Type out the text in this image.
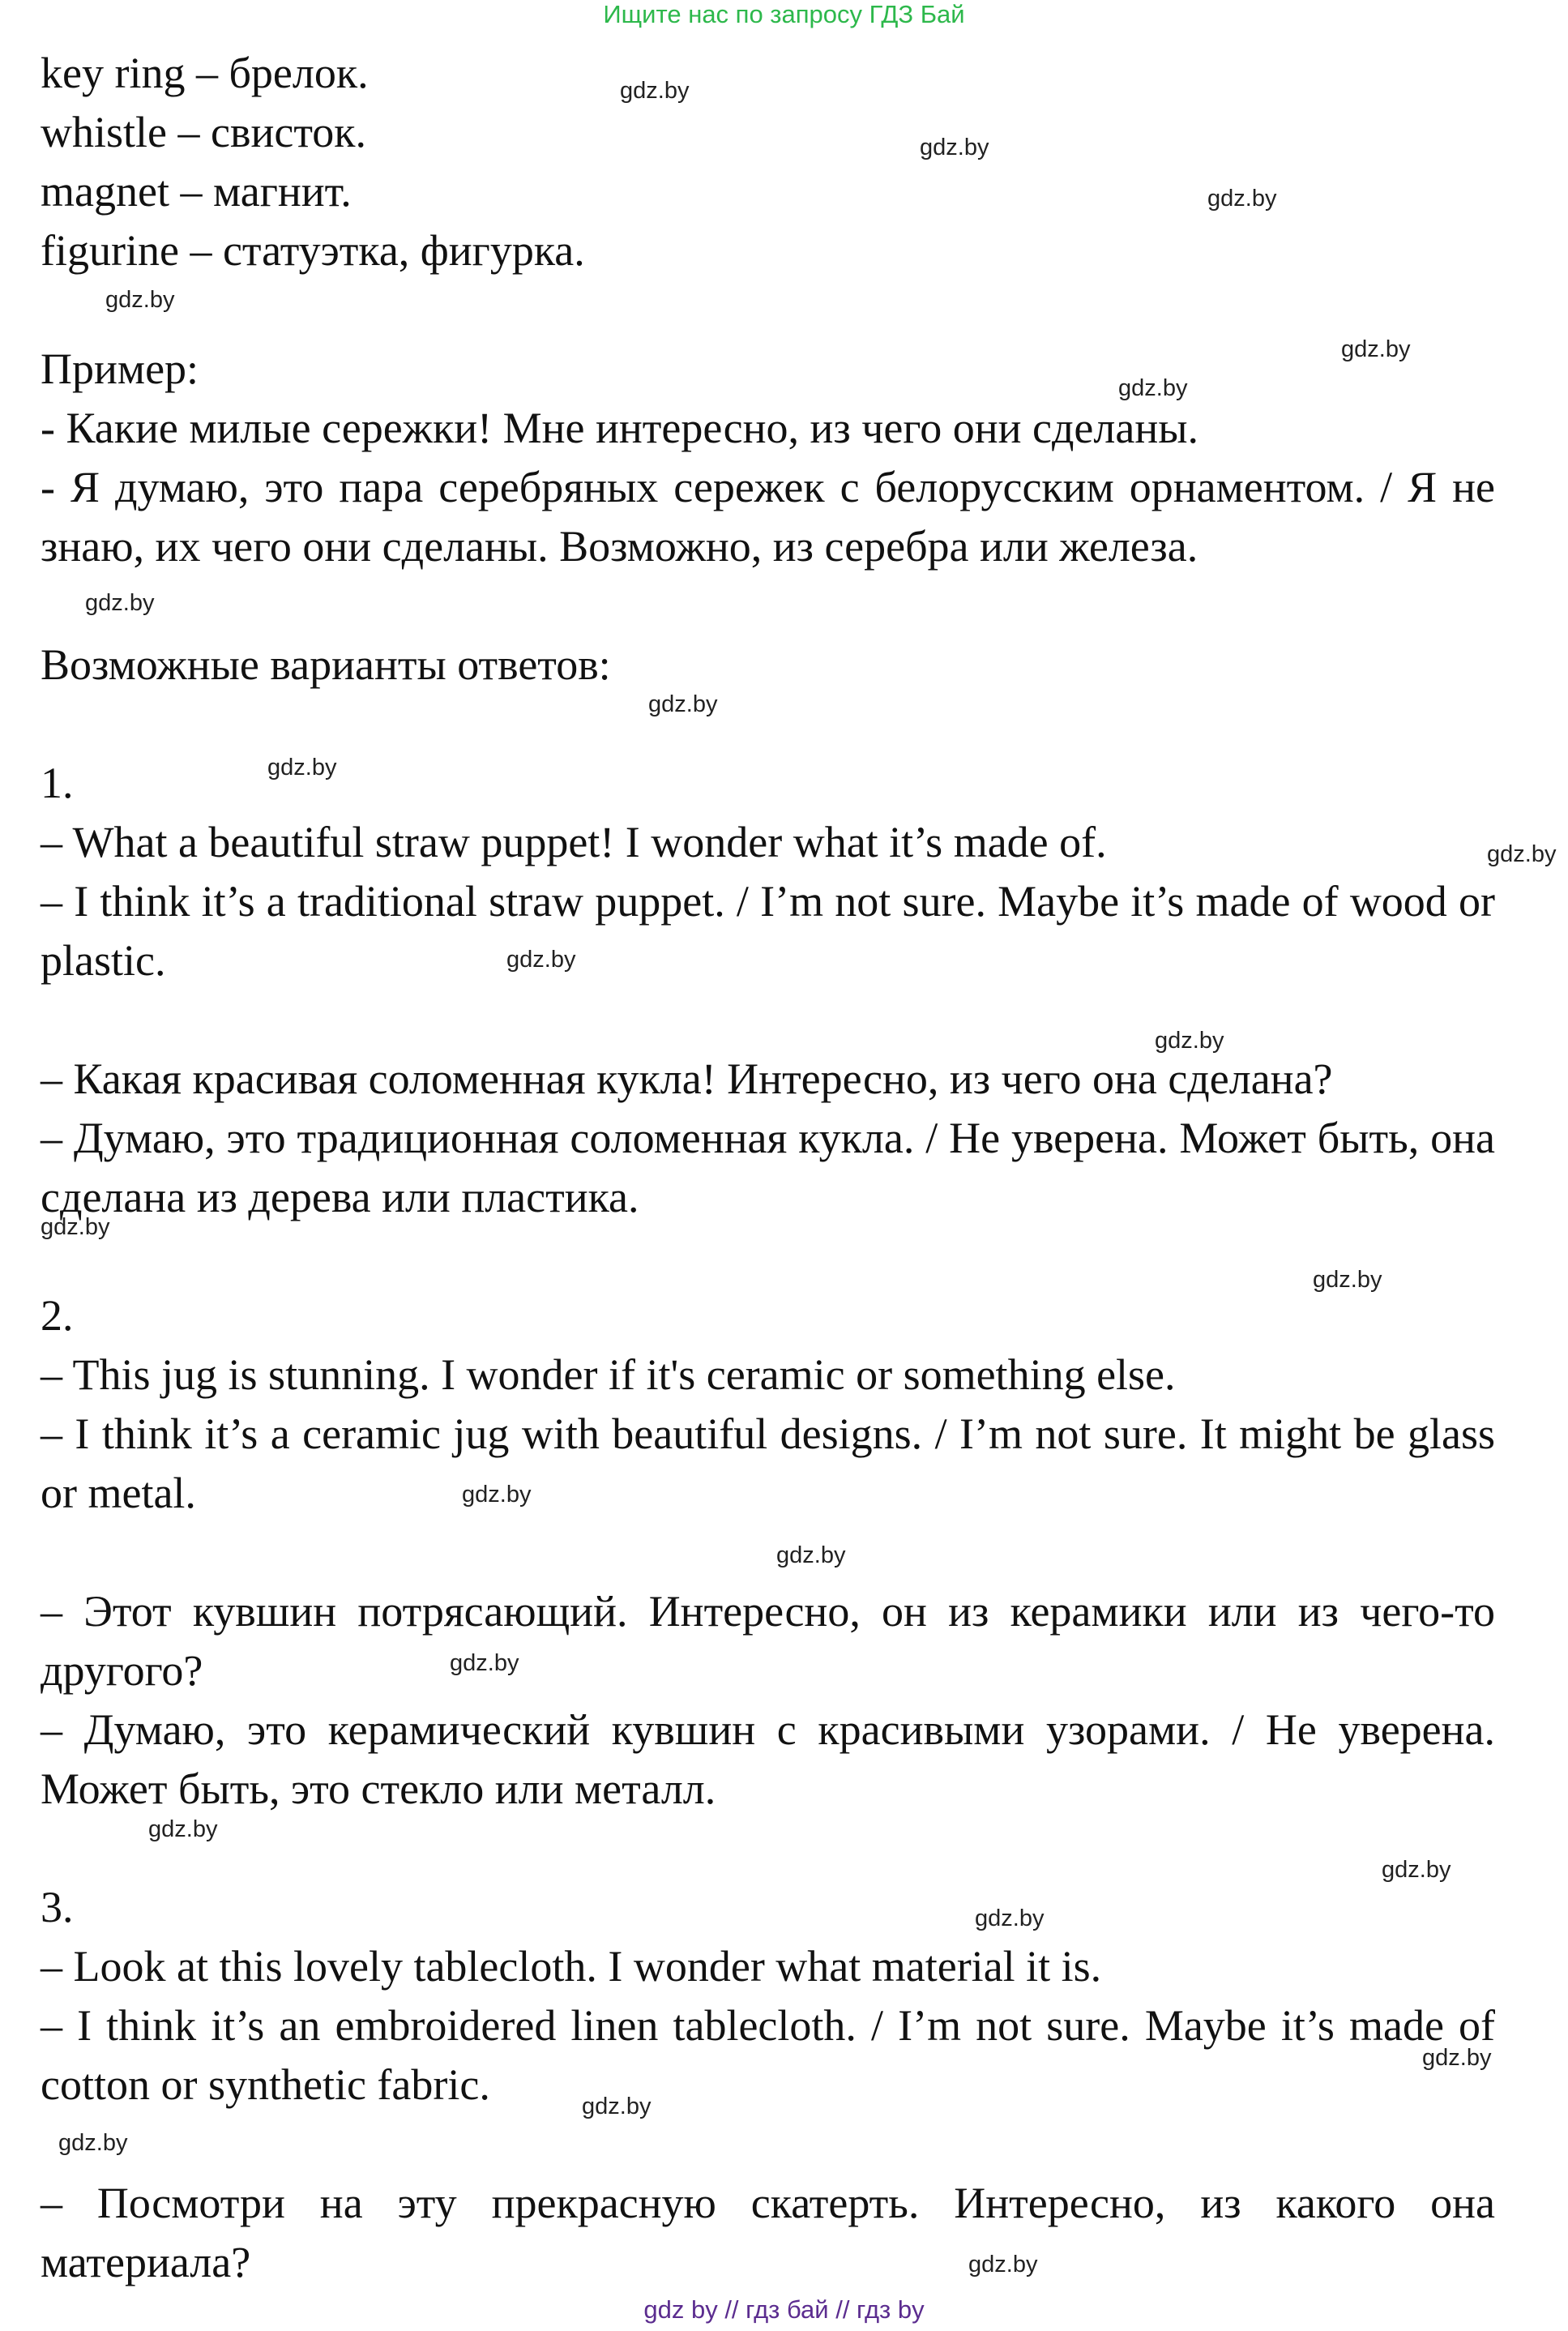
Ищите нас по запросу ГДЗ Бай

key ring – брелок.

whistle – свисток.

magnet – магнит.

figurine – статуэтка, фигурка.

Пример:

- Какие милые сережки! Мне интересно, из чего они сделаны.

- Я думаю, это пара серебряных сережек с белорусским орнаментом. / Я не знаю, их чего они сделаны. Возможно, из серебра или железа.

Возможные варианты ответов:

1.

– What a beautiful straw puppet! I wonder what it’s made of.

– I think it’s a traditional straw puppet. / I’m not sure. Maybe it’s made of wood or plastic.

– Какая красивая соломенная кукла! Интересно, из чего она сделана?

– Думаю, это традиционная соломенная кукла. / Не уверена. Может быть, она сделана из дерева или пластика.

2.

– This jug is stunning. I wonder if it's ceramic or something else.

– I think it’s a ceramic jug with beautiful designs. / I’m not sure. It might be glass or metal.

– Этот кувшин потрясающий. Интересно, он из керамики или из чего-то другого?

– Думаю, это керамический кувшин с красивыми узорами. / Не уверена. Может быть, это стекло или металл.

3.

– Look at this lovely tablecloth. I wonder what material it is.

– I think it’s an embroidered linen tablecloth. / I’m not sure. Maybe it’s made of cotton or synthetic fabric.

– Посмотри на эту прекрасную скатерть. Интересно, из какого она материала?

gdz.by
gdz.by
gdz.by
gdz.by
gdz.by
gdz.by
gdz.by
gdz.by
gdz.by
gdz.by
gdz.by
gdz.by
gdz.by
gdz.by
gdz.by
gdz.by
gdz.by
gdz.by
gdz.by
gdz.by
gdz.by
gdz.by
gdz.by
gdz.by
gdz by // гдз бай // гдз by
